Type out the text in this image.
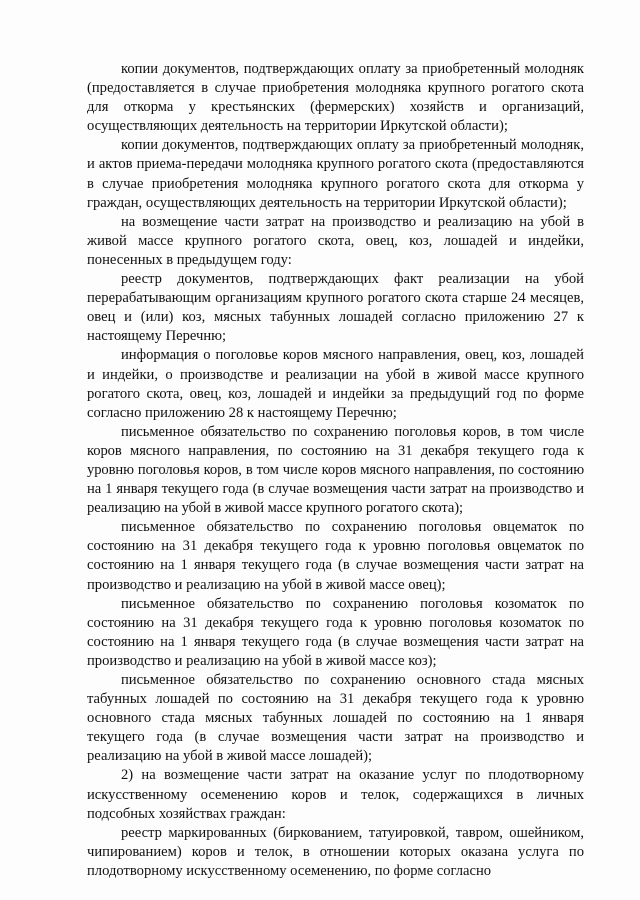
копии документов, подтверждающих оплату за приобретенный молодняк (предоставляется в случае приобретения молодняка крупного рогатого скота для откорма у крестьянских (фермерских) хозяйств и организаций, осуществляющих деятельность на территории Иркутской области);

копии документов, подтверждающих оплату за приобретенный молодняк, и актов приема-передачи молодняка крупного рогатого скота (предоставляются в случае приобретения молодняка крупного рогатого скота для откорма у граждан, осуществляющих деятельность на территории Иркутской области);

на возмещение части затрат на производство и реализацию на убой в живой массе крупного рогатого скота, овец, коз, лошадей и индейки, понесенных в предыдущем году:

реестр документов, подтверждающих факт реализации на убой перерабатывающим организациям крупного рогатого скота старше 24 месяцев, овец и (или) коз, мясных табунных лошадей согласно приложению 27 к настоящему Перечню;

информация о поголовье коров мясного направления, овец, коз, лошадей и индейки, о производстве и реализации на убой в живой массе крупного рогатого скота, овец, коз, лошадей и индейки за предыдущий год по форме согласно приложению 28 к настоящему Перечню;

письменное обязательство по сохранению поголовья коров, в том числе коров мясного направления, по состоянию на 31 декабря текущего года к уровню поголовья коров, в том числе коров мясного направления, по состоянию на 1 января текущего года (в случае возмещения части затрат на производство и реализацию на убой в живой массе крупного рогатого скота);

письменное обязательство по сохранению поголовья овцематок по состоянию на 31 декабря текущего года к уровню поголовья овцематок по состоянию на 1 января текущего года (в случае возмещения части затрат на производство и реализацию на убой в живой массе овец);

письменное обязательство по сохранению поголовья козоматок по состоянию на 31 декабря текущего года к уровню поголовья козоматок по состоянию на 1 января текущего года (в случае возмещения части затрат на производство и реализацию на убой в живой массе коз);

письменное обязательство по сохранению основного стада мясных табунных лошадей по состоянию на 31 декабря текущего года к уровню основного стада мясных табунных лошадей по состоянию на 1 января текущего года (в случае возмещения части затрат на производство и реализацию на убой в живой массе лошадей);

2) на возмещение части затрат на оказание услуг по плодотворному искусственному осеменению коров и телок, содержащихся в личных подсобных хозяйствах граждан:

реестр маркированных (биркованием, татуировкой, тавром, ошейником, чипированием) коров и телок, в отношении которых оказана услуга по плодотворному искусственному осеменению, по форме согласно
